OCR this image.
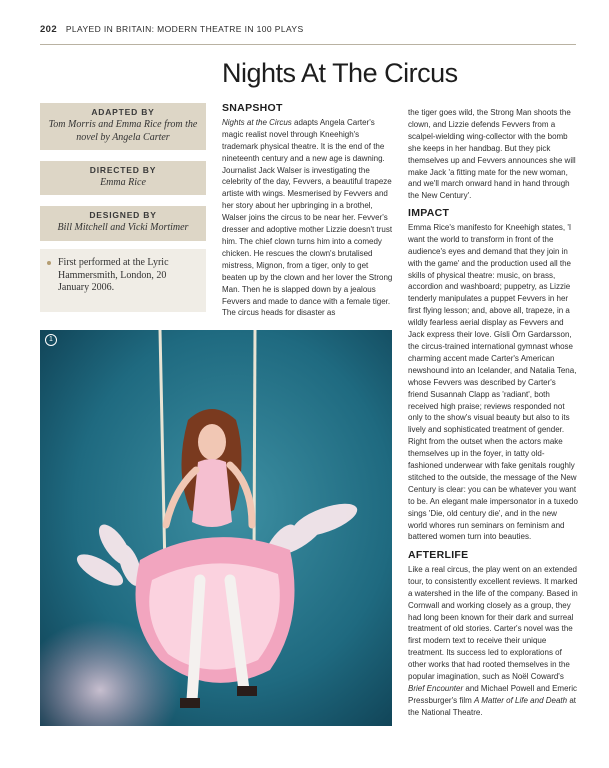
202 PLAYED IN BRITAIN: MODERN THEATRE IN 100 PLAYS
Nights At The Circus
ADAPTED BY
Tom Morris and Emma Rice from the novel by Angela Carter
DIRECTED BY
Emma Rice
DESIGNED BY
Bill Mitchell and Vicki Mortimer
First performed at the Lyric Hammersmith, London, 20 January 2006.
SNAPSHOT

Nights at the Circus adapts Angela Carter's magic realist novel through Kneehigh's trademark physical theatre. It is the end of the nineteenth century and a new age is dawning. Journalist Jack Walser is investigating the celebrity of the day, Fevvers, a beautiful trapeze artiste with wings. Mesmerised by Fevvers and her story about her upbringing in a brothel, Walser joins the circus to be near her. Fevver's dresser and adoptive mother Lizzie doesn't trust him. The chief clown turns him into a comedy chicken. He rescues the clown's brutalised mistress, Mignon, from a tiger, only to get beaten up by the clown and her lover the Strong Man. Then he is slapped down by a jealous Fevvers and made to dance with a female tiger. The circus heads for disaster as

the tiger goes wild, the Strong Man shoots the clown, and Lizzie defends Fevvers from a scalpel-wielding wing-collector with the bomb she keeps in her handbag. But they pick themselves up and Fevvers announces she will make Jack 'a fitting mate for the new woman, and we'll march onward hand in hand through the New Century'.

IMPACT

Emma Rice's manifesto for Kneehigh states, 'I want the world to transform in front of the audience's eyes and demand that they join in with the game' and the production used all the skills of physical theatre: music, on brass, accordion and washboard; puppetry, as Lizzie tenderly manipulates a puppet Fevvers in her first flying lesson; and, above all, trapeze, in a wildly fearless aerial display as Fevvers and Jack express their love. Gísli Örn Gardarsson, the circus-trained international gymnast whose charming accent made Carter's American newshound into an Icelander, and Natalia Tena, whose Fevvers was described by Carter's friend Susannah Clapp as 'radiant', both received high praise; reviews responded not only to the show's visual beauty but also to its lively and sophisticated treatment of gender. Right from the outset when the actors make themselves up in the foyer, in tatty old-fashioned underwear with fake genitals roughly stitched to the outside, the message of the New Century is clear: you can be whatever you want to be. An elegant male impersonator in a tuxedo sings 'Die, old century die', and in the new world whores run seminars on feminism and battered women turn into beauties.

AFTERLIFE

Like a real circus, the play went on an extended tour, to consistently excellent reviews. It marked a watershed in the life of the company. Based in Cornwall and working closely as a group, they had long been known for their dark and surreal treatment of old stories. Carter's novel was the first modern text to receive their unique treatment. Its success led to explorations of other works that had rooted themselves in the popular imagination, such as Noël Coward's Brief Encounter and Michael Powell and Emeric Pressburger's film A Matter of Life and Death at the National Theatre.

1
